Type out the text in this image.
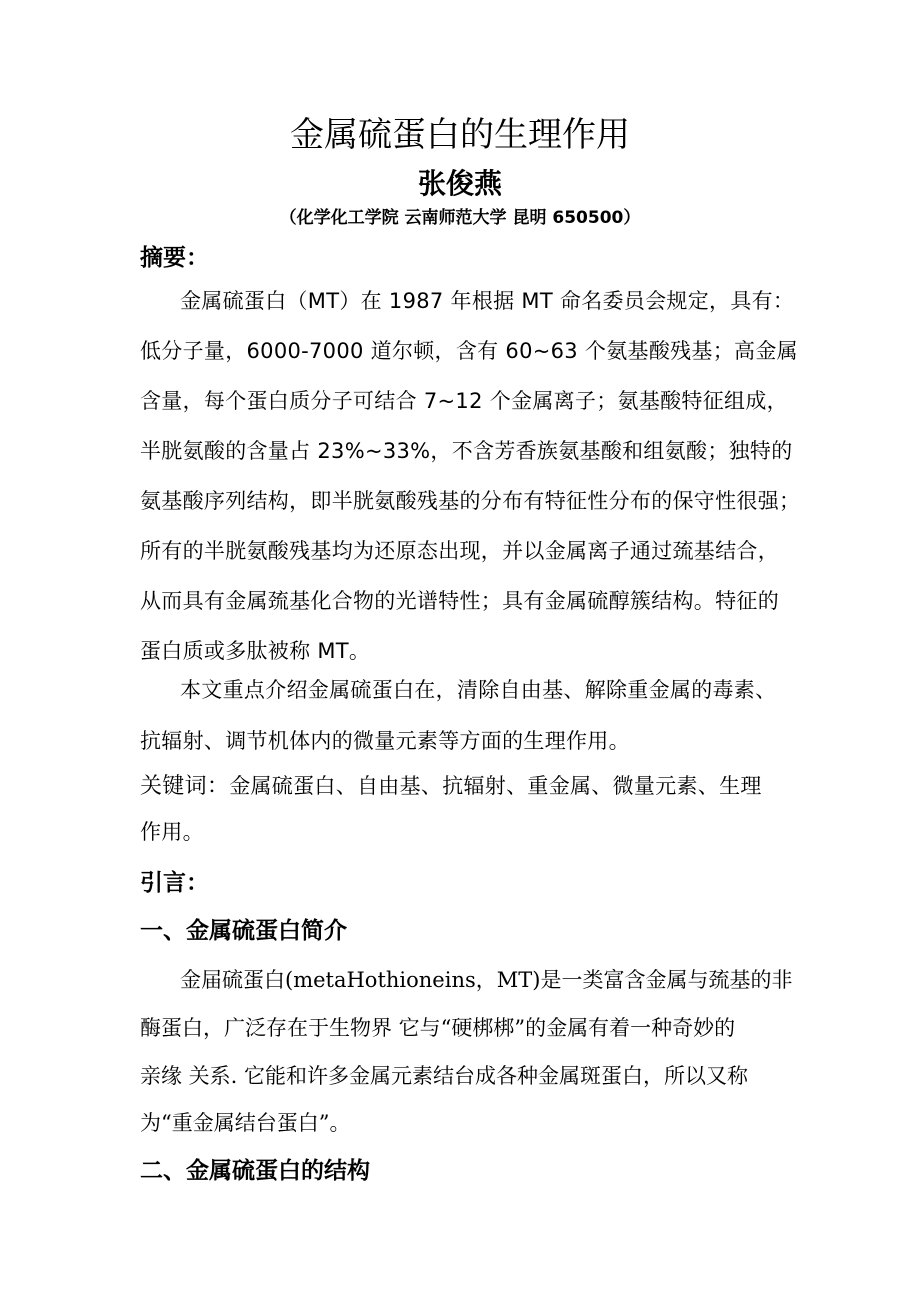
金属硫蛋白的生理作用
张俊燕
（化学化工学院 云南师范大学 昆明 650500）
摘要：
金属硫蛋白（MT）在 1987 年根据 MT 命名委员会规定，具有：
低分子量，6000-7000 道尔顿，含有 60~63 个氨基酸残基；高金属
含量，每个蛋白质分子可结合 7~12 个金属离子；氨基酸特征组成，
半胱氨酸的含量占 23%~33%，不含芳香族氨基酸和组氨酸；独特的
氨基酸序列结构，即半胱氨酸残基的分布有特征性分布的保守性很强；
所有的半胱氨酸残基均为还原态出现，并以金属离子通过巯基结合，
从而具有金属巯基化合物的光谱特性；具有金属硫醇簇结构。特征的
蛋白质或多肽被称 MT。
本文重点介绍金属硫蛋白在，清除自由基、解除重金属的毒素、
抗辐射、调节机体内的微量元素等方面的生理作用。
关键词：金属硫蛋白、自由基、抗辐射、重金属、微量元素、生理
作用。
引言：
一、金属硫蛋白简介
金届硫蛋白(metaHothioneins，MT)是一类富含金属与巯基的非
酶蛋白，广泛存在于生物界 它与“硬梆梆”的金属有着一种奇妙的
亲缘 关系. 它能和许多金属元素结台成各种金属斑蛋白，所以又称
为“重金属结台蛋白”。
二、金属硫蛋白的结构
